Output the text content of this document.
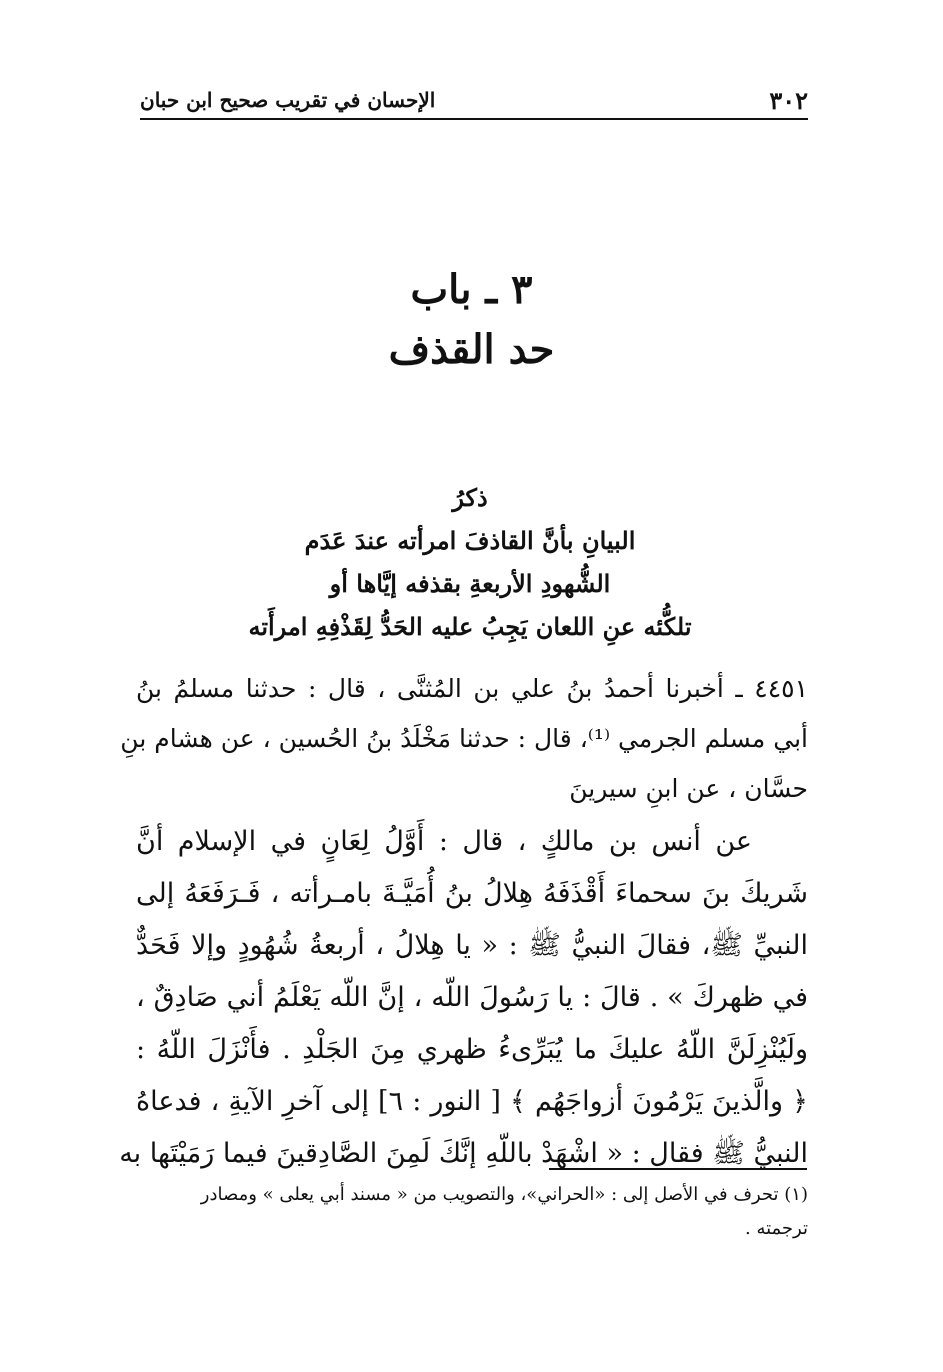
٣٠٢
الإحسان في تقريب صحيح ابن حبان
٣ ـ باب
حد القذف
ذكرُ
البيانِ بأنَّ القاذفَ امرأته عندَ عَدَم
الشُّهودِ الأربعةِ بقذفه إيَّاها أو
تلكُّئه عنِ اللعان يَجِبُ عليه الحَدُّ لِقَذْفِهِ امرأَته
٤٤٥١ ـ أخبرنا أحمدُ بنُ علي بن المُثنَّى ، قال : حدثنا مسلمُ بنُ
أبي مسلم الجرمي ⁽¹⁾، قال : حدثنا مَخْلَدُ بنُ الحُسين ، عن هشام بنِ
حسَّان ، عن ابنِ سيرينَ
عن أنس بن مالكٍ ، قال : أَوَّلُ لِعَانٍ في الإسلام أنَّ
شَريكَ بنَ سحماءَ أَقْذَفَهُ هِلالُ بنُ أُمَيَّـةَ بامـرأته ، فَـرَفَعَهُ إلى
النبيِّ ﷺ، فقالَ النبيُّ ﷺ : « يا هِلالُ ، أربعةُ شُهُودٍ وإلا فَحَدٌّ
في ظهركَ » . قالَ : يا رَسُولَ اللّه ، إنَّ اللّه يَعْلَمُ أني صَادِقٌ ،
ولَيُنْزِلَنَّ اللّهُ عليكَ ما يُبَرِّىءُ ظهري مِنَ الجَلْدِ . فأَنْزَلَ اللّهُ :
﴿ والَّذينَ يَرْمُونَ أزواجَهُم ﴾ [ النور : ٦] إلى آخرِ الآيةِ ، فدعاهُ
النبيُّ ﷺ فقال : « اشْهَدْ باللّهِ إنَّكَ لَمِنَ الصَّادِقينَ فيما رَمَيْتَها به
(١) تحرف في الأصل إلى : «الحراني»، والتصويب من « مسند أبي يعلى » ومصادر
ترجمته .
